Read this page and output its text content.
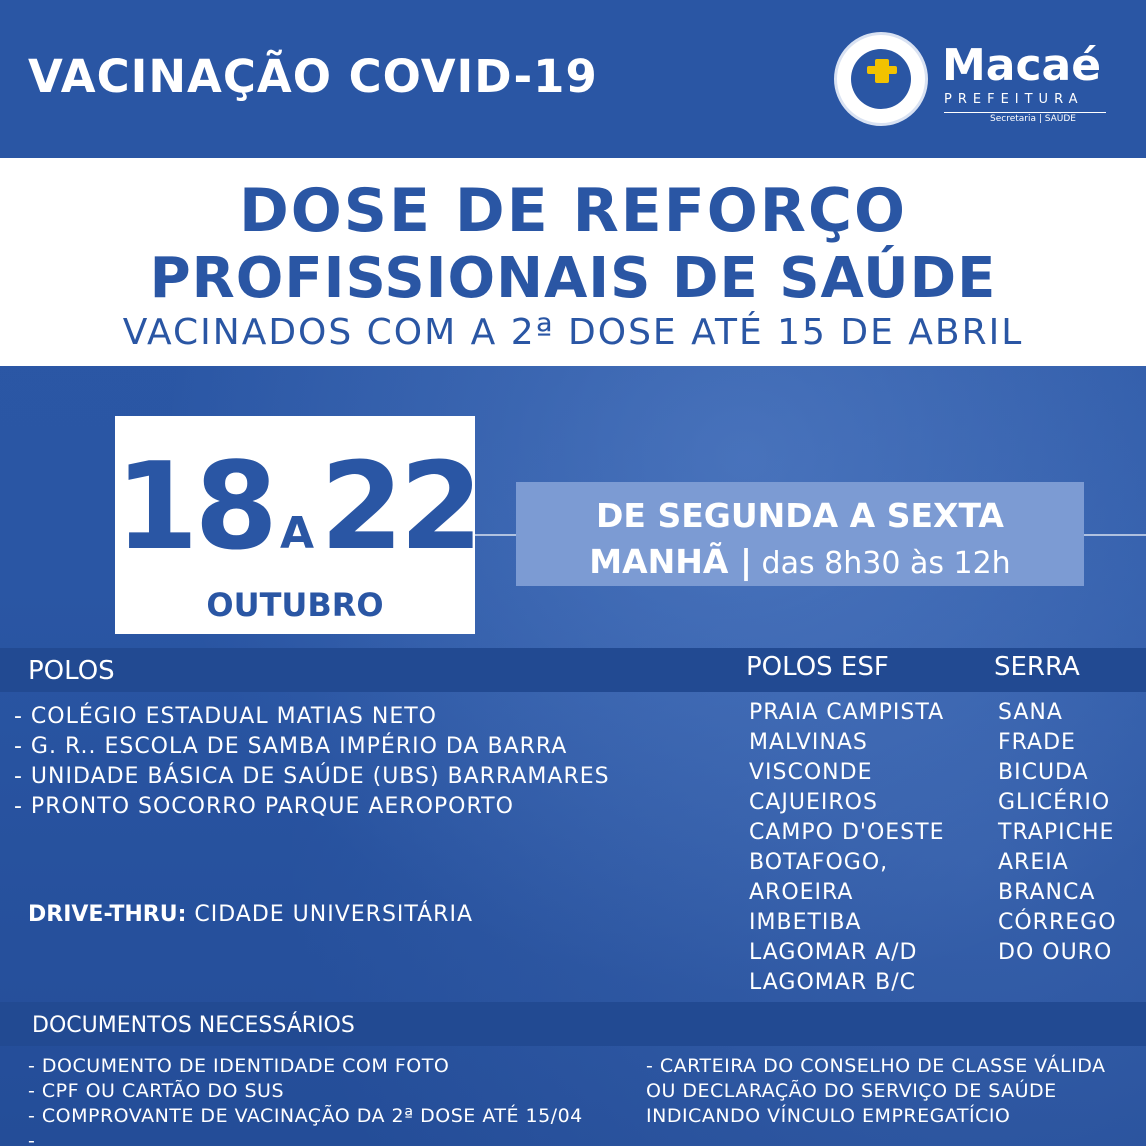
VACINAÇÃO COVID-19	Macaé
PREFEITURA
Secretaria | SAÚDE
DOSE DE REFORÇO
PROFISSIONAIS DE SAÚDE
VACINADOS COM A 2ª DOSE ATÉ 15 DE ABRIL
18 A22
OUTUBRO
DE SEGUNDA A SEXTA
MANHÃ | das 8h30 às 12h
POLOS	POLOS ESF	SERRA
- COLÉGIO ESTADUAL MATIAS NETO
- G. R.. ESCOLA DE SAMBA IMPÉRIO DA BARRA
- UNIDADE BÁSICA DE SAÚDE (UBS) BARRAMARES
- PRONTO SOCORRO PARQUE AEROPORTO
DRIVE-THRU: CIDADE UNIVERSITÁRIA
PRAIA CAMPISTA
MALVINAS
VISCONDE
CAJUEIROS
CAMPO D'OESTE
BOTAFOGO,
AROEIRA
IMBETIBA
LAGOMAR A/D
LAGOMAR B/C
SANA
FRADE
BICUDA
GLICÉRIO
TRAPICHE
AREIA
BRANCA
CÓRREGO
DO OURO
DOCUMENTOS NECESSÁRIOS
- DOCUMENTO DE IDENTIDADE COM FOTO
- CPF OU CARTÃO DO SUS
- COMPROVANTE DE VACINAÇÃO DA 2ª DOSE ATÉ 15/04
-
- CARTEIRA DO CONSELHO DE CLASSE VÁLIDA
OU DECLARAÇÃO DO SERVIÇO DE SAÚDE
INDICANDO VÍNCULO EMPREGATÍCIO
